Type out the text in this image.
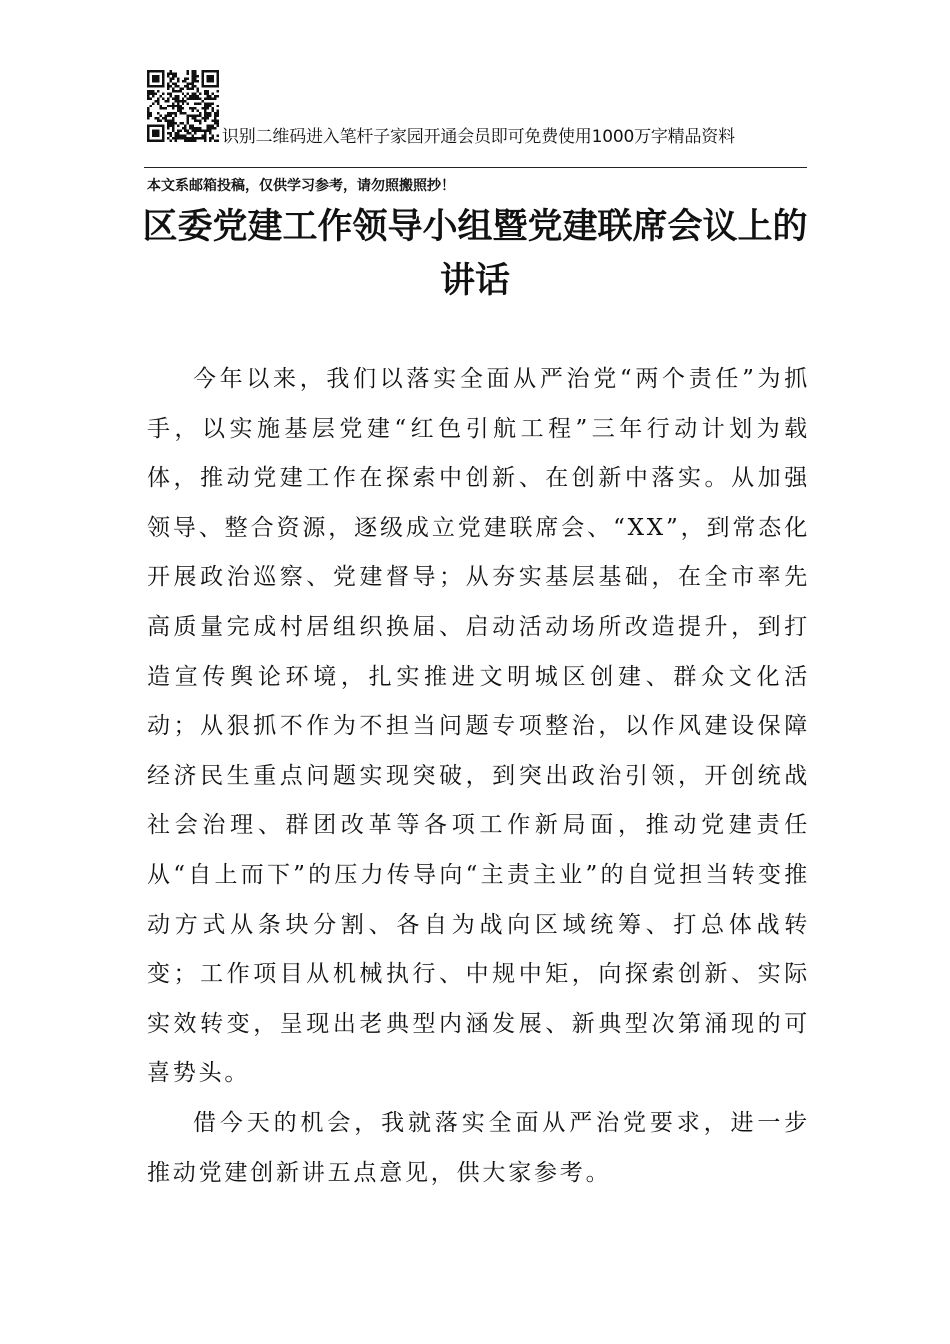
识别二维码进入笔杆子家园开通会员即可免费使用1000万字精品资料
本文系邮箱投稿，仅供学习参考，请勿照搬照抄！
区委党建工作领导小组暨党建联席会议上的讲话

今年以来，我们以落实全面从严治党“两个责任”为抓手，以实施基层党建“红色引航工程”三年行动计划为载体，推动党建工作在探索中创新、在创新中落实。从加强领导、整合资源，逐级成立党建联席会、“XX”，到常态化开展政治巡察、党建督导；从夯实基层基础，在全市率先高质量完成村居组织换届、启动活动场所改造提升，到打造宣传舆论环境，扎实推进文明城区创建、群众文化活动；从狠抓不作为不担当问题专项整治，以作风建设保障经济民生重点问题实现突破，到突出政治引领，开创统战社会治理、群团改革等各项工作新局面，推动党建责任从“自上而下”的压力传导向“主责主业”的自觉担当转变推动方式从条块分割、各自为战向区域统筹、打总体战转变；工作项目从机械执行、中规中矩，向探索创新、实际实效转变，呈现出老典型内涵发展、新典型次第涌现的可喜势头。

借今天的机会，我就落实全面从严治党要求，进一步推动党建创新讲五点意见，供大家参考。
